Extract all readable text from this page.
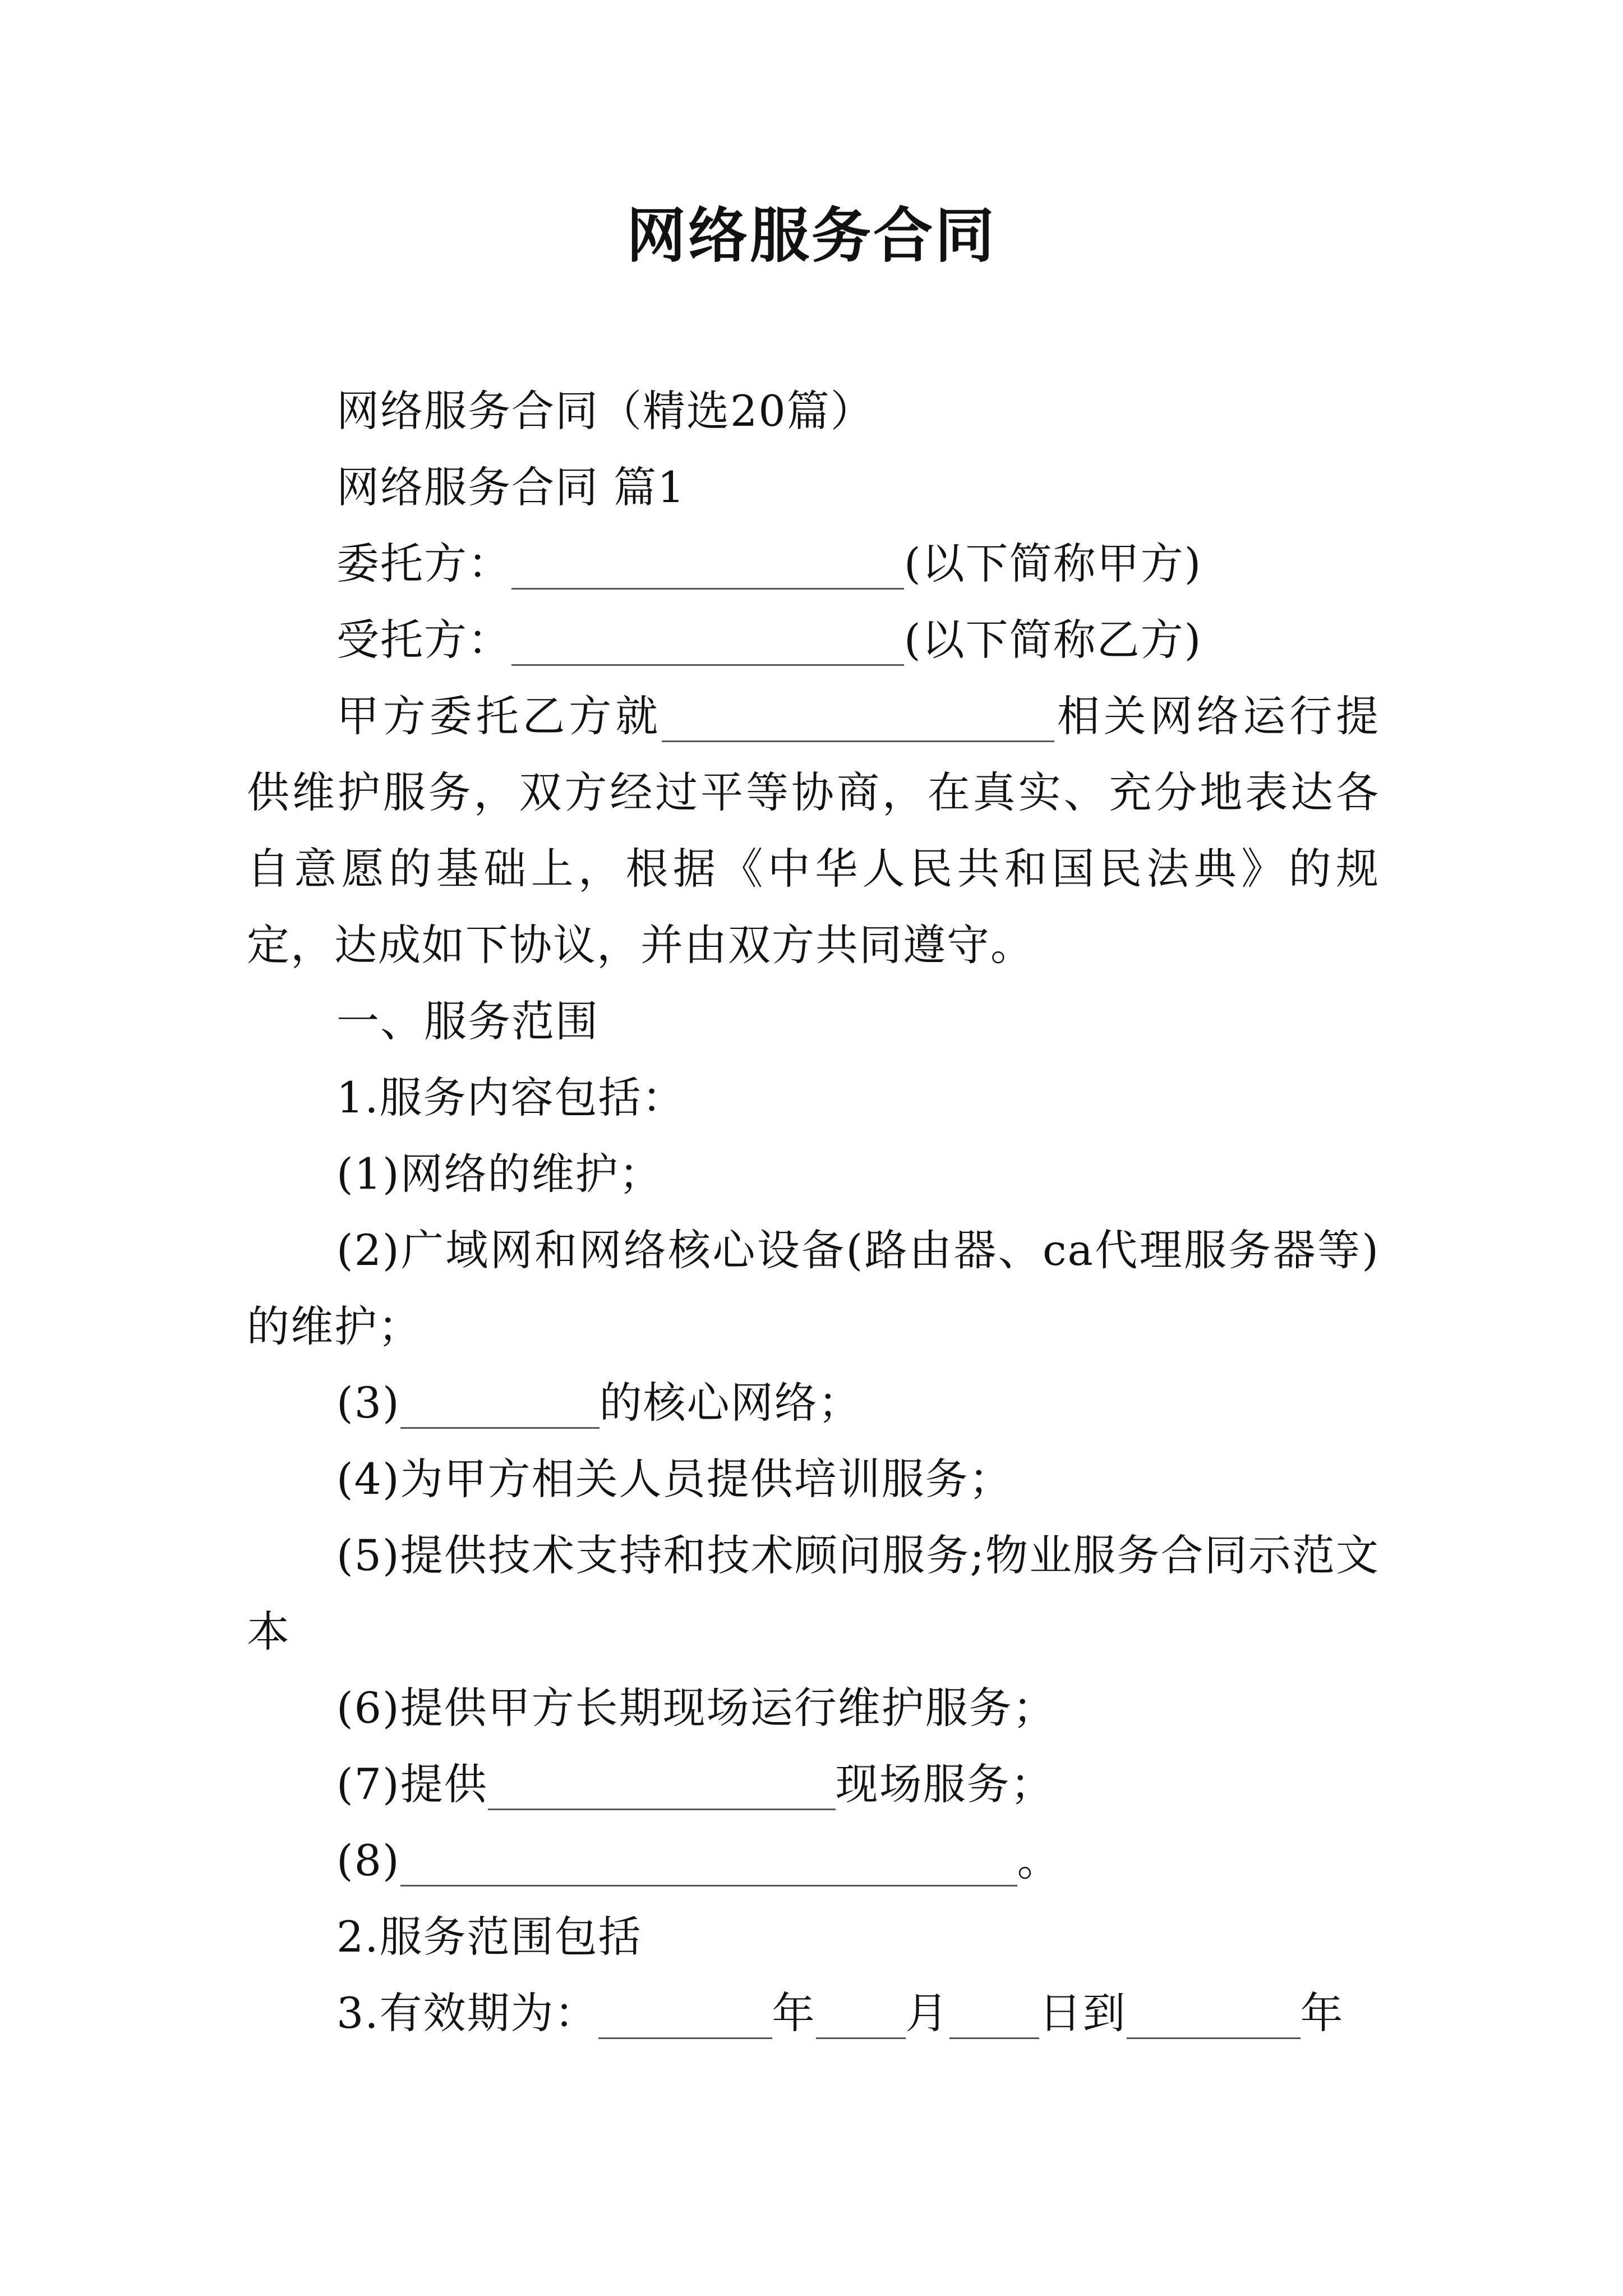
网络服务合同

网络服务合同（精选20篇）

网络服务合同 篇1

委托方：	(以下简称甲方)

受托方：	(以下简称乙方)

甲方委托乙方就	相关网络运行提供维护服务，双方经过平等协商，在真实、充分地表达各自意愿的基础上，根据《中华人民共和国民法典》的规定，达成如下协议，并由双方共同遵守。

一、服务范围

1.服务内容包括：

(1)网络的维护；

(2)广域网和网络核心设备(路由器、ca代理服务器等)的维护；

(3)	的核心网络；

(4)为甲方相关人员提供培训服务；

(5)提供技术支持和技术顾问服务;物业服务合同示范文本

(6)提供甲方长期现场运行维护服务；

(7)提供	现场服务；

(8)	。

2.服务范围包括

3.有效期为：	年 月 日到	年
